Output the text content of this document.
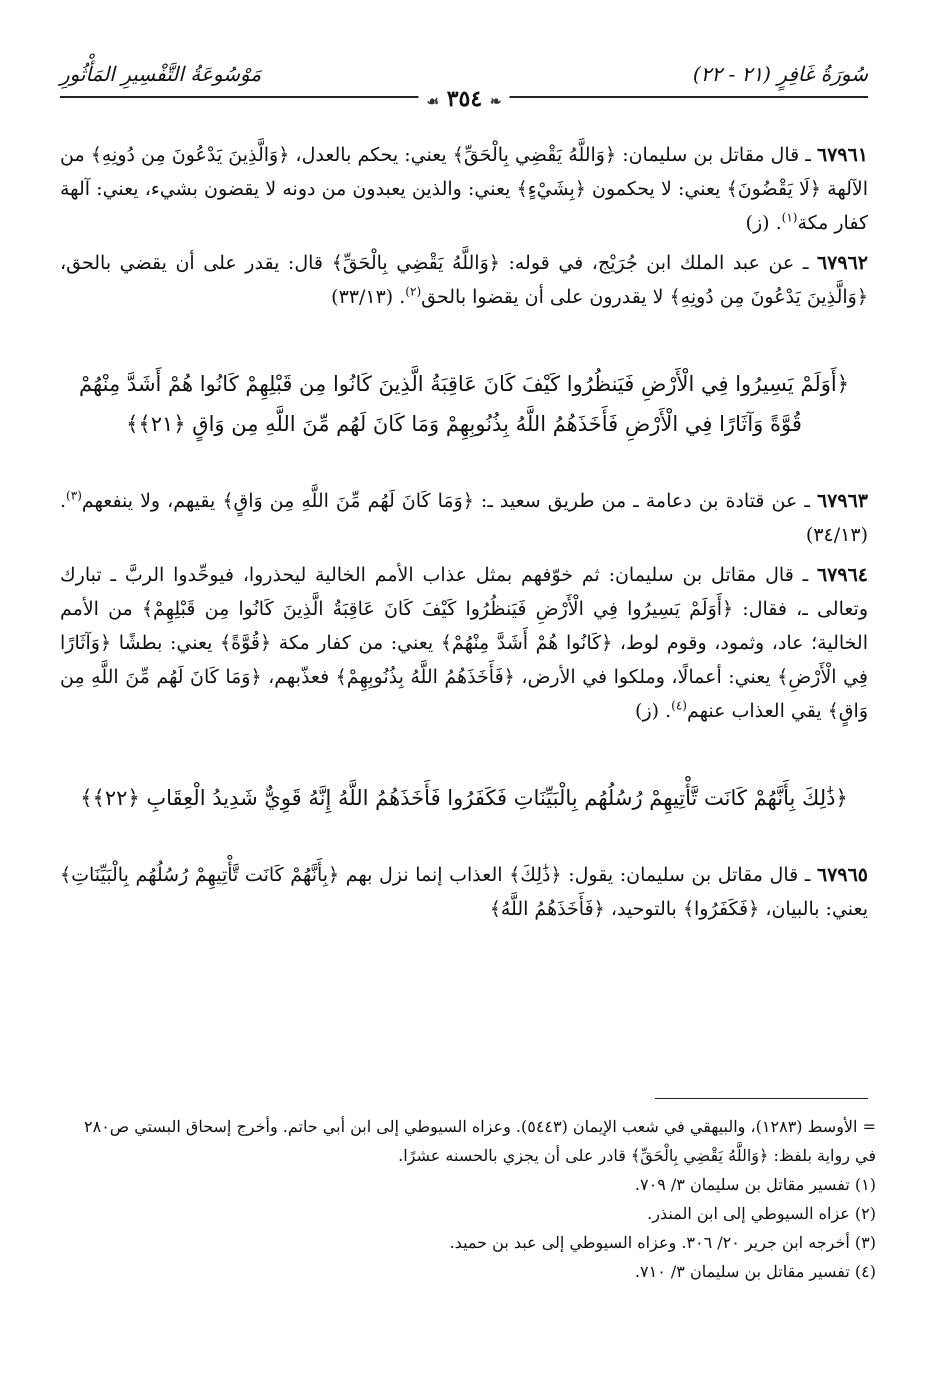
سُورَةُ غَافِرٍ (٢١ - ٢٢)
مَوْسُوعَةُ التَّفْسِيرِ المَأْثُورِ
❧ ٣٥٤ ☙

٦٧٩٦١ ـ قال مقاتل بن سليمان: ﴿وَاللَّهُ يَقْضِي بِالْحَقِّ﴾ يعني: يحكم بالعدل، ﴿وَالَّذِينَ يَدْعُونَ مِن دُونِهِ﴾ من الآلهة ﴿لَا يَقْضُونَ﴾ يعني: لا يحكمون ﴿بِشَيْءٍ﴾ يعني: والذين يعبدون من دونه لا يقضون بشيء، يعني: آلهة كفار مكة$^{(١)}$. (ز)

٦٧٩٦٢ ـ عن عبد الملك ابن جُرَيْج، في قوله: ﴿وَاللَّهُ يَقْضِي بِالْحَقِّ﴾ قال: يقدر على أن يقضي بالحق، ﴿وَالَّذِينَ يَدْعُونَ مِن دُونِهِ﴾ لا يقدرون على أن يقضوا بالحق$^{(٢)}$. (٣٣/١٣)

﴿أَوَلَمْ يَسِيرُوا فِي الْأَرْضِ فَيَنظُرُوا كَيْفَ كَانَ عَاقِبَةُ الَّذِينَ كَانُوا مِن قَبْلِهِمْ كَانُوا هُمْ أَشَدَّ مِنْهُمْ قُوَّةً وَآثَارًا فِي الْأَرْضِ فَأَخَذَهُمُ اللَّهُ بِذُنُوبِهِمْ وَمَا كَانَ لَهُم مِّنَ اللَّهِ مِن وَاقٍ ﴿٢١﴾﴾

٦٧٩٦٣ ـ عن قتادة بن دعامة ـ من طريق سعيد ـ: ﴿وَمَا كَانَ لَهُم مِّنَ اللَّهِ مِن وَاقٍ﴾ يقيهم، ولا ينفعهم$^{(٣)}$. (٣٤/١٣)

٦٧٩٦٤ ـ قال مقاتل بن سليمان: ثم خوّفهم بمثل عذاب الأمم الخالية ليحذروا، فيوحِّدوا الربَّ ـ تبارك وتعالى ـ، فقال: ﴿أَوَلَمْ يَسِيرُوا فِي الْأَرْضِ فَيَنظُرُوا كَيْفَ كَانَ عَاقِبَةُ الَّذِينَ كَانُوا مِن قَبْلِهِمْ﴾ من الأمم الخالية؛ عاد، وثمود، وقوم لوط، ﴿كَانُوا هُمْ أَشَدَّ مِنْهُمْ﴾ يعني: من كفار مكة ﴿قُوَّةً﴾ يعني: بطشًا ﴿وَآثَارًا فِي الْأَرْضِ﴾ يعني: أعمالًا، وملكوا في الأرض، ﴿فَأَخَذَهُمُ اللَّهُ بِذُنُوبِهِمْ﴾ فعذّبهم، ﴿وَمَا كَانَ لَهُم مِّنَ اللَّهِ مِن وَاقٍ﴾ يقي العذاب عنهم$^{(٤)}$. (ز)

﴿ذَٰلِكَ بِأَنَّهُمْ كَانَت تَّأْتِيهِمْ رُسُلُهُم بِالْبَيِّنَاتِ فَكَفَرُوا فَأَخَذَهُمُ اللَّهُ إِنَّهُ قَوِيٌّ شَدِيدُ الْعِقَابِ ﴿٢٢﴾﴾

٦٧٩٦٥ ـ قال مقاتل بن سليمان: يقول: ﴿ذَٰلِكَ﴾ العذاب إنما نزل بهم ﴿بِأَنَّهُمْ كَانَت تَّأْتِيهِمْ رُسُلُهُم بِالْبَيِّنَاتِ﴾ يعني: بالبيان، ﴿فَكَفَرُوا﴾ بالتوحيد، ﴿فَأَخَذَهُمُ اللَّهُ﴾

= الأوسط (١٢٨٣)، والبيهقي في شعب الإيمان (٥٤٤٣). وعزاه السيوطي إلى ابن أبي حاتم. وأخرج إسحاق البستي ص٢٨٠ في رواية بلفظ: ﴿وَاللَّهُ يَقْضِي بِالْحَقِّ﴾ قادر على أن يجزي بالحسنه عشرًا.

(١) تفسير مقاتل بن سليمان ٣/ ٧٠٩.

(٢) عزاه السيوطي إلى ابن المنذر.

(٣) أخرجه ابن جرير ٢٠/ ٣٠٦. وعزاه السيوطي إلى عبد بن حميد.

(٤) تفسير مقاتل بن سليمان ٣/ ٧١٠.
